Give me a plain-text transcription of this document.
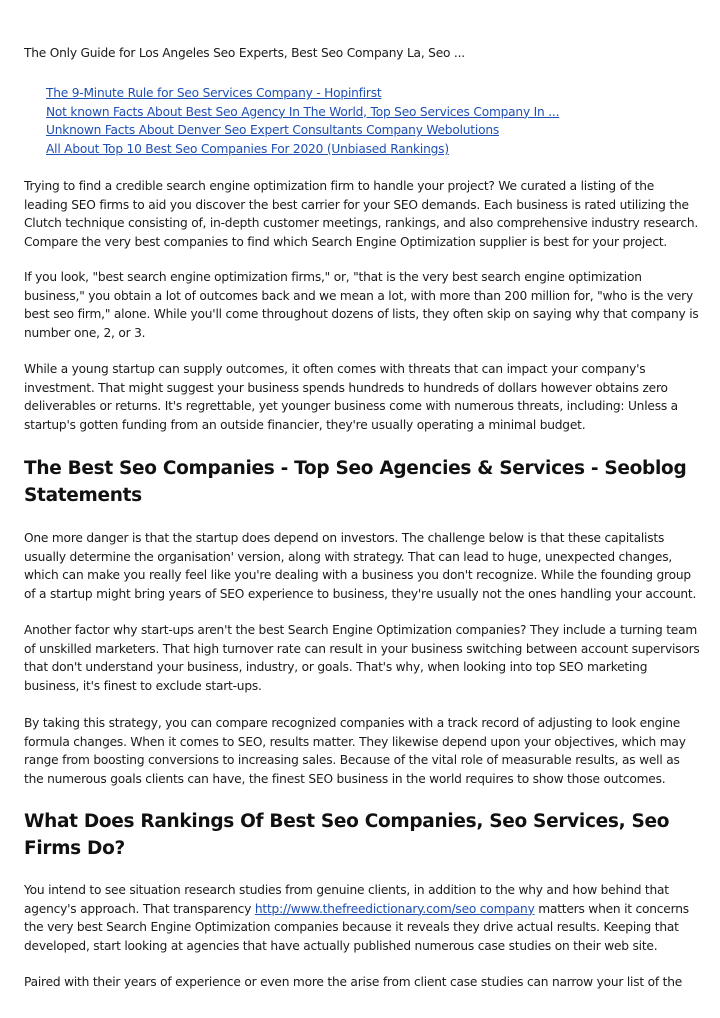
The Only Guide for Los Angeles Seo Experts, Best Seo Company La, Seo ...
The 9-Minute Rule for Seo Services Company - Hopinfirst
Not known Facts About Best Seo Agency In The World, Top Seo Services Company In ...
Unknown Facts About Denver Seo Expert Consultants Company Webolutions
All About Top 10 Best Seo Companies For 2020 (Unbiased Rankings)

Trying to find a credible search engine optimization firm to handle your project? We curated a listing of the leading SEO firms to aid you discover the best carrier for your SEO demands. Each business is rated utilizing the Clutch technique consisting of, in-depth customer meetings, rankings, and also comprehensive industry research. Compare the very best companies to find which Search Engine Optimization supplier is best for your project.

If you look, "best search engine optimization firms," or, "that is the very best search engine optimization business," you obtain a lot of outcomes back and we mean a lot, with more than 200 million for, "who is the very best seo firm," alone. While you'll come throughout dozens of lists, they often skip on saying why that company is number one, 2, or 3.

While a young startup can supply outcomes, it often comes with threats that can impact your company's investment. That might suggest your business spends hundreds to hundreds of dollars however obtains zero deliverables or returns. It's regrettable, yet younger business come with numerous threats, including: Unless a startup's gotten funding from an outside financier, they're usually operating a minimal budget.

The Best Seo Companies - Top Seo Agencies & Services - Seoblog Statements

One more danger is that the startup does depend on investors. The challenge below is that these capitalists usually determine the organisation' version, along with strategy. That can lead to huge, unexpected changes, which can make you really feel like you're dealing with a business you don't recognize. While the founding group of a startup might bring years of SEO experience to business, they're usually not the ones handling your account.

Another factor why start-ups aren't the best Search Engine Optimization companies? They include a turning team of unskilled marketers. That high turnover rate can result in your business switching between account supervisors that don't understand your business, industry, or goals. That's why, when looking into top SEO marketing business, it's finest to exclude start-ups.

By taking this strategy, you can compare recognized companies with a track record of adjusting to look engine formula changes. When it comes to SEO, results matter. They likewise depend upon your objectives, which may range from boosting conversions to increasing sales. Because of the vital role of measurable results, as well as the numerous goals clients can have, the finest SEO business in the world requires to show those outcomes.

What Does Rankings Of Best Seo Companies, Seo Services, Seo Firms Do?

You intend to see situation research studies from genuine clients, in addition to the why and how behind that agency's approach. That transparency http://www.thefreedictionary.com/seo company matters when it concerns the very best Search Engine Optimization companies because it reveals they drive actual results. Keeping that developed, start looking at agencies that have actually published numerous case studies on their web site.

Paired with their years of experience or even more the arise from client case studies can narrow your list of the
